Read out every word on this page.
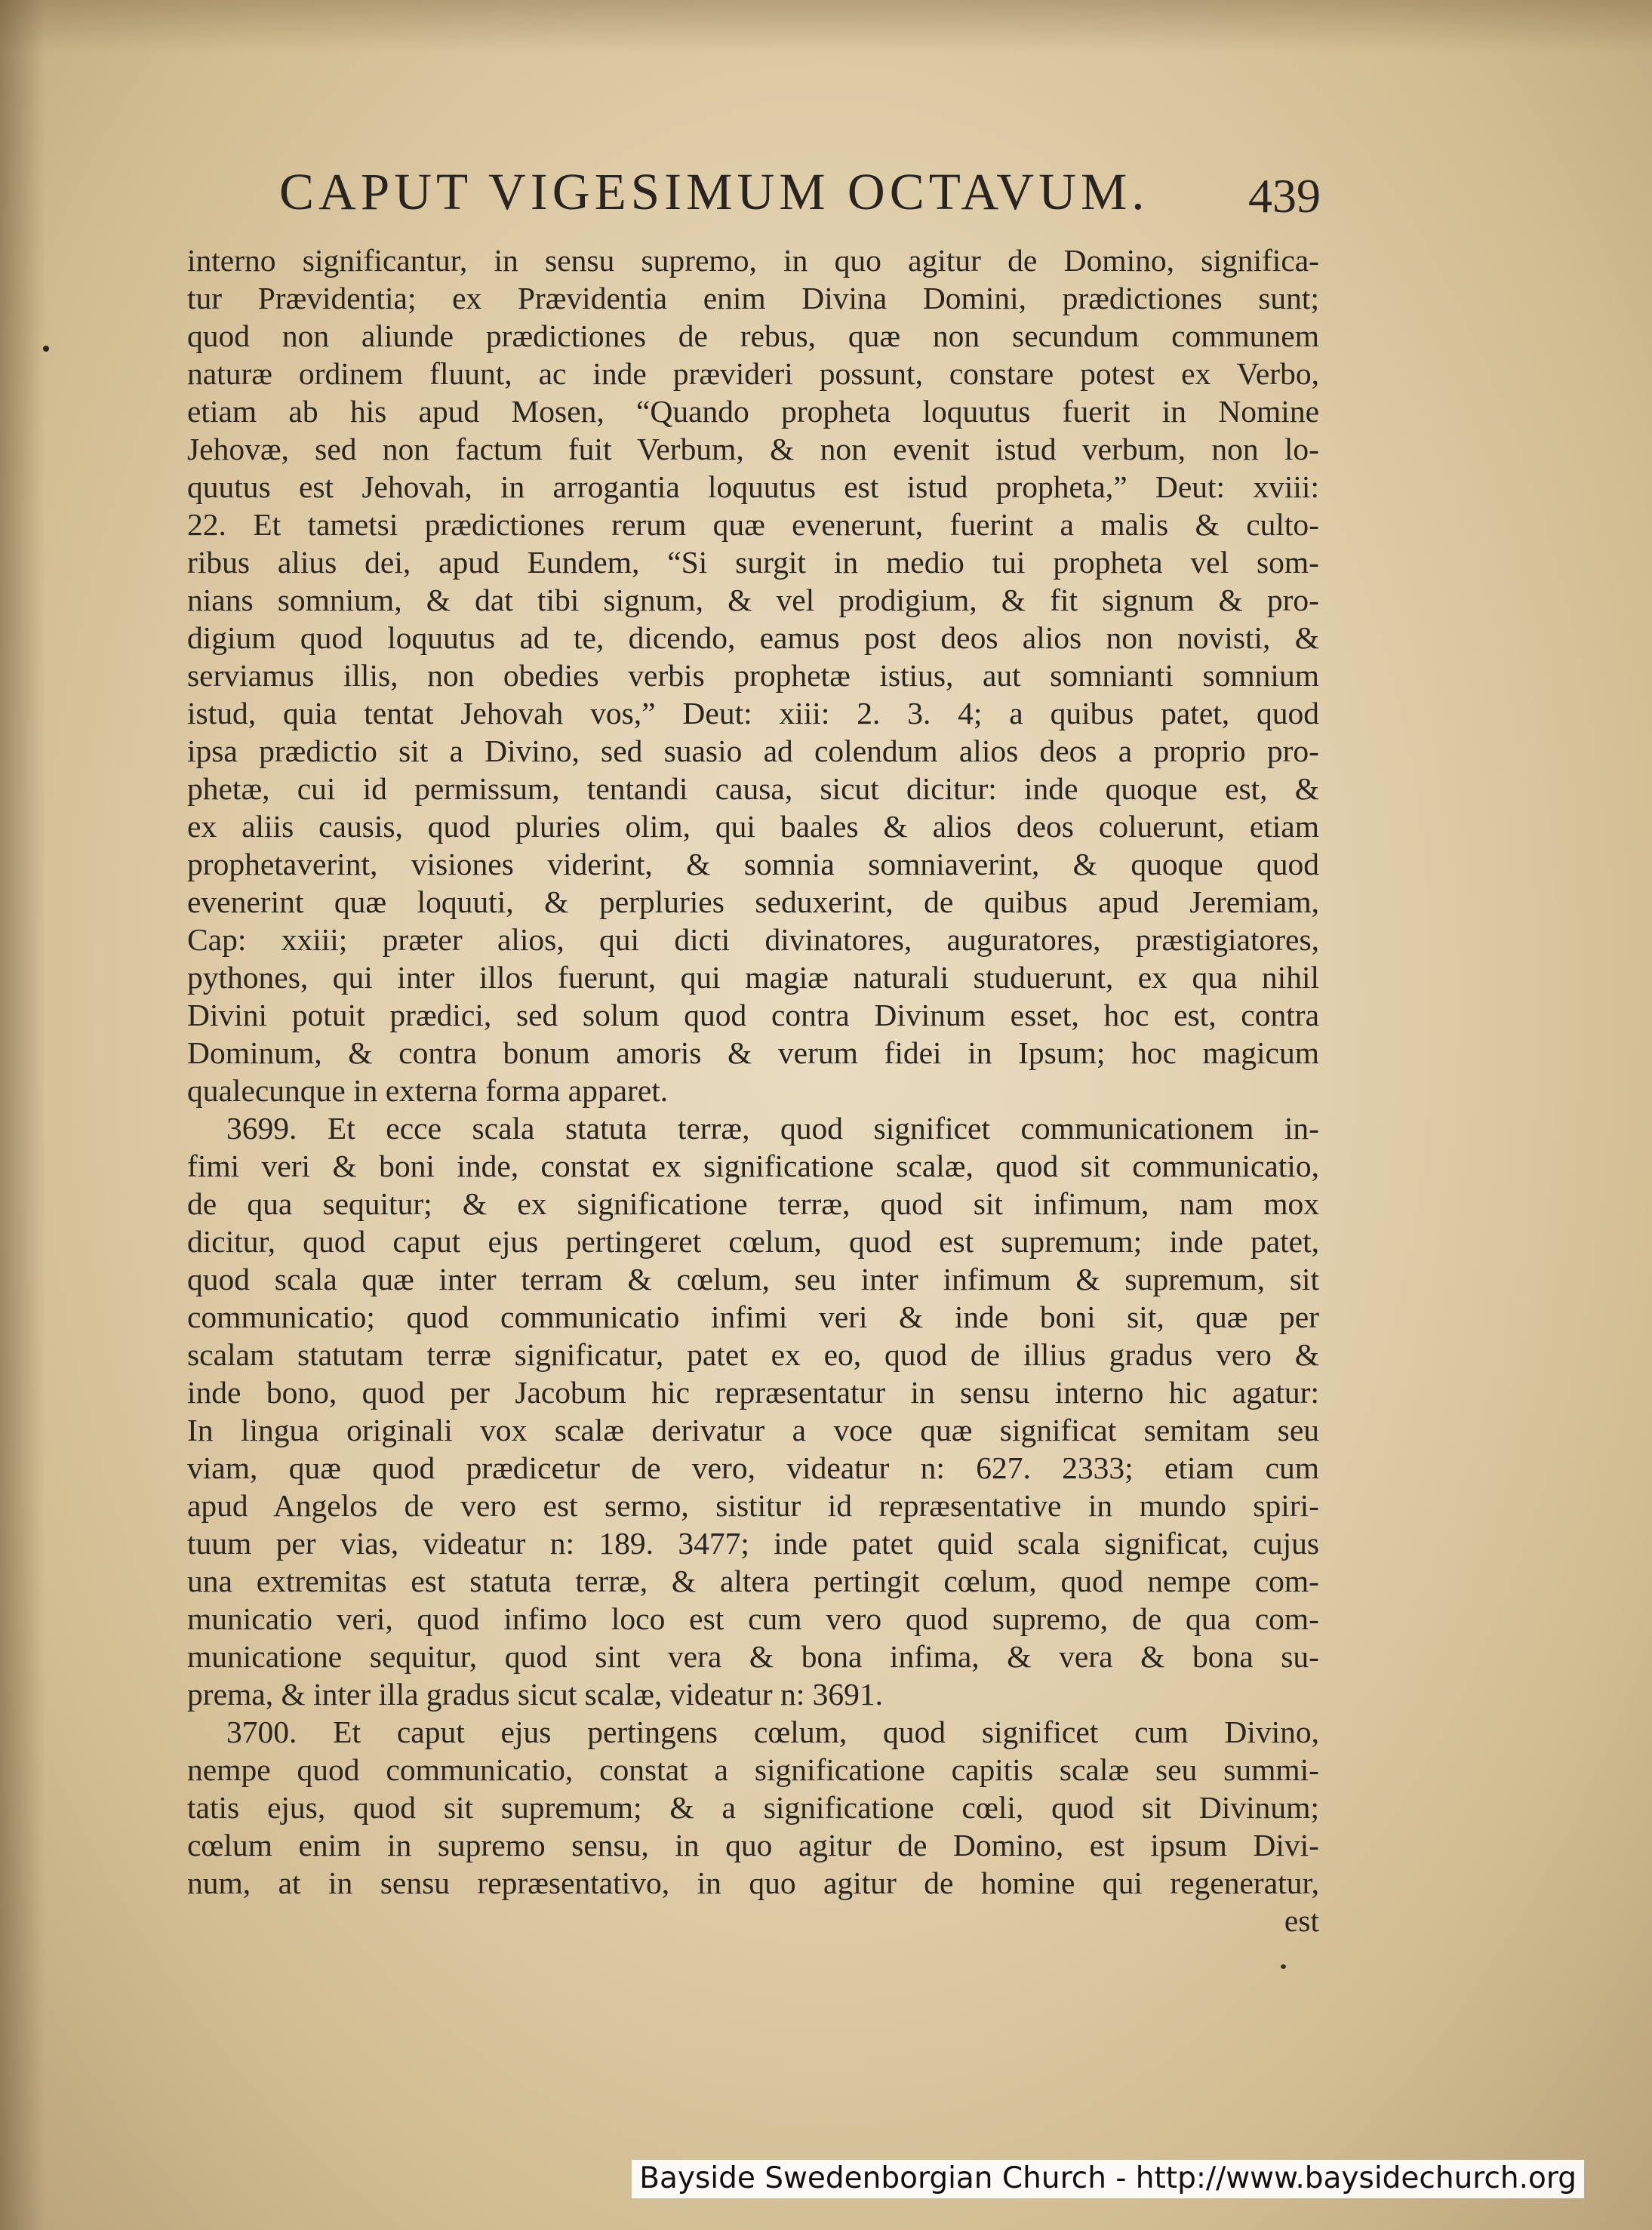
CAPUT VIGESIMUM OCTAVUM. 439
interno significantur, in sensu supremo, in quo agitur de Domino, significa-
tur Prævidentia; ex Prævidentia enim Divina Domini, prædictiones sunt;
quod non aliunde prædictiones de rebus, quæ non secundum communem
naturæ ordinem fluunt, ac inde prævideri possunt, constare potest ex Verbo,
etiam ab his apud Mosen, “Quando propheta loquutus fuerit in Nomine
Jehovæ, sed non factum fuit Verbum, & non evenit istud verbum, non lo-
quutus est Jehovah, in arrogantia loquutus est istud propheta,” Deut: xviii:
22. Et tametsi prædictiones rerum quæ evenerunt, fuerint a malis & culto-
ribus alius dei, apud Eundem, “Si surgit in medio tui propheta vel som-
nians somnium, & dat tibi signum, & vel prodigium, & fit signum & pro-
digium quod loquutus ad te, dicendo, eamus post deos alios non novisti, &
serviamus illis, non obedies verbis prophetæ istius, aut somnianti somnium
istud, quia tentat Jehovah vos,” Deut: xiii: 2. 3. 4; a quibus patet, quod
ipsa prædictio sit a Divino, sed suasio ad colendum alios deos a proprio pro-
phetæ, cui id permissum, tentandi causa, sicut dicitur: inde quoque est, &
ex aliis causis, quod pluries olim, qui baales & alios deos coluerunt, etiam
prophetaverint, visiones viderint, & somnia somniaverint, & quoque quod
evenerint quæ loquuti, & perpluries seduxerint, de quibus apud Jeremiam,
Cap: xxiii; præter alios, qui dicti divinatores, auguratores, præstigiatores,
pythones, qui inter illos fuerunt, qui magiæ naturali studuerunt, ex qua nihil
Divini potuit prædici, sed solum quod contra Divinum esset, hoc est, contra
Dominum, & contra bonum amoris & verum fidei in Ipsum; hoc magicum
qualecunque in externa forma apparet.
3699. Et ecce scala statuta terræ, quod significet communicationem in-
fimi veri & boni inde, constat ex significatione scalæ, quod sit communicatio,
de qua sequitur; & ex significatione terræ, quod sit infimum, nam mox
dicitur, quod caput ejus pertingeret cœlum, quod est supremum; inde patet,
quod scala quæ inter terram & cœlum, seu inter infimum & supremum, sit
communicatio; quod communicatio infimi veri & inde boni sit, quæ per
scalam statutam terræ significatur, patet ex eo, quod de illius gradus vero &
inde bono, quod per Jacobum hic repræsentatur in sensu interno hic agatur:
In lingua originali vox scalæ derivatur a voce quæ significat semitam seu
viam, quæ quod prædicetur de vero, videatur n: 627. 2333; etiam cum
apud Angelos de vero est sermo, sistitur id repræsentative in mundo spiri-
tuum per vias, videatur n: 189. 3477; inde patet quid scala significat, cujus
una extremitas est statuta terræ, & altera pertingit cœlum, quod nempe com-
municatio veri, quod infimo loco est cum vero quod supremo, de qua com-
municatione sequitur, quod sint vera & bona infima, & vera & bona su-
prema, & inter illa gradus sicut scalæ, videatur n: 3691.
3700. Et caput ejus pertingens cœlum, quod significet cum Divino,
nempe quod communicatio, constat a significatione capitis scalæ seu summi-
tatis ejus, quod sit supremum; & a significatione cœli, quod sit Divinum;
cœlum enim in supremo sensu, in quo agitur de Domino, est ipsum Divi-
num, at in sensu repræsentativo, in quo agitur de homine qui regeneratur,
est
Bayside Swedenborgian Church - http://www.baysidechurch.org
